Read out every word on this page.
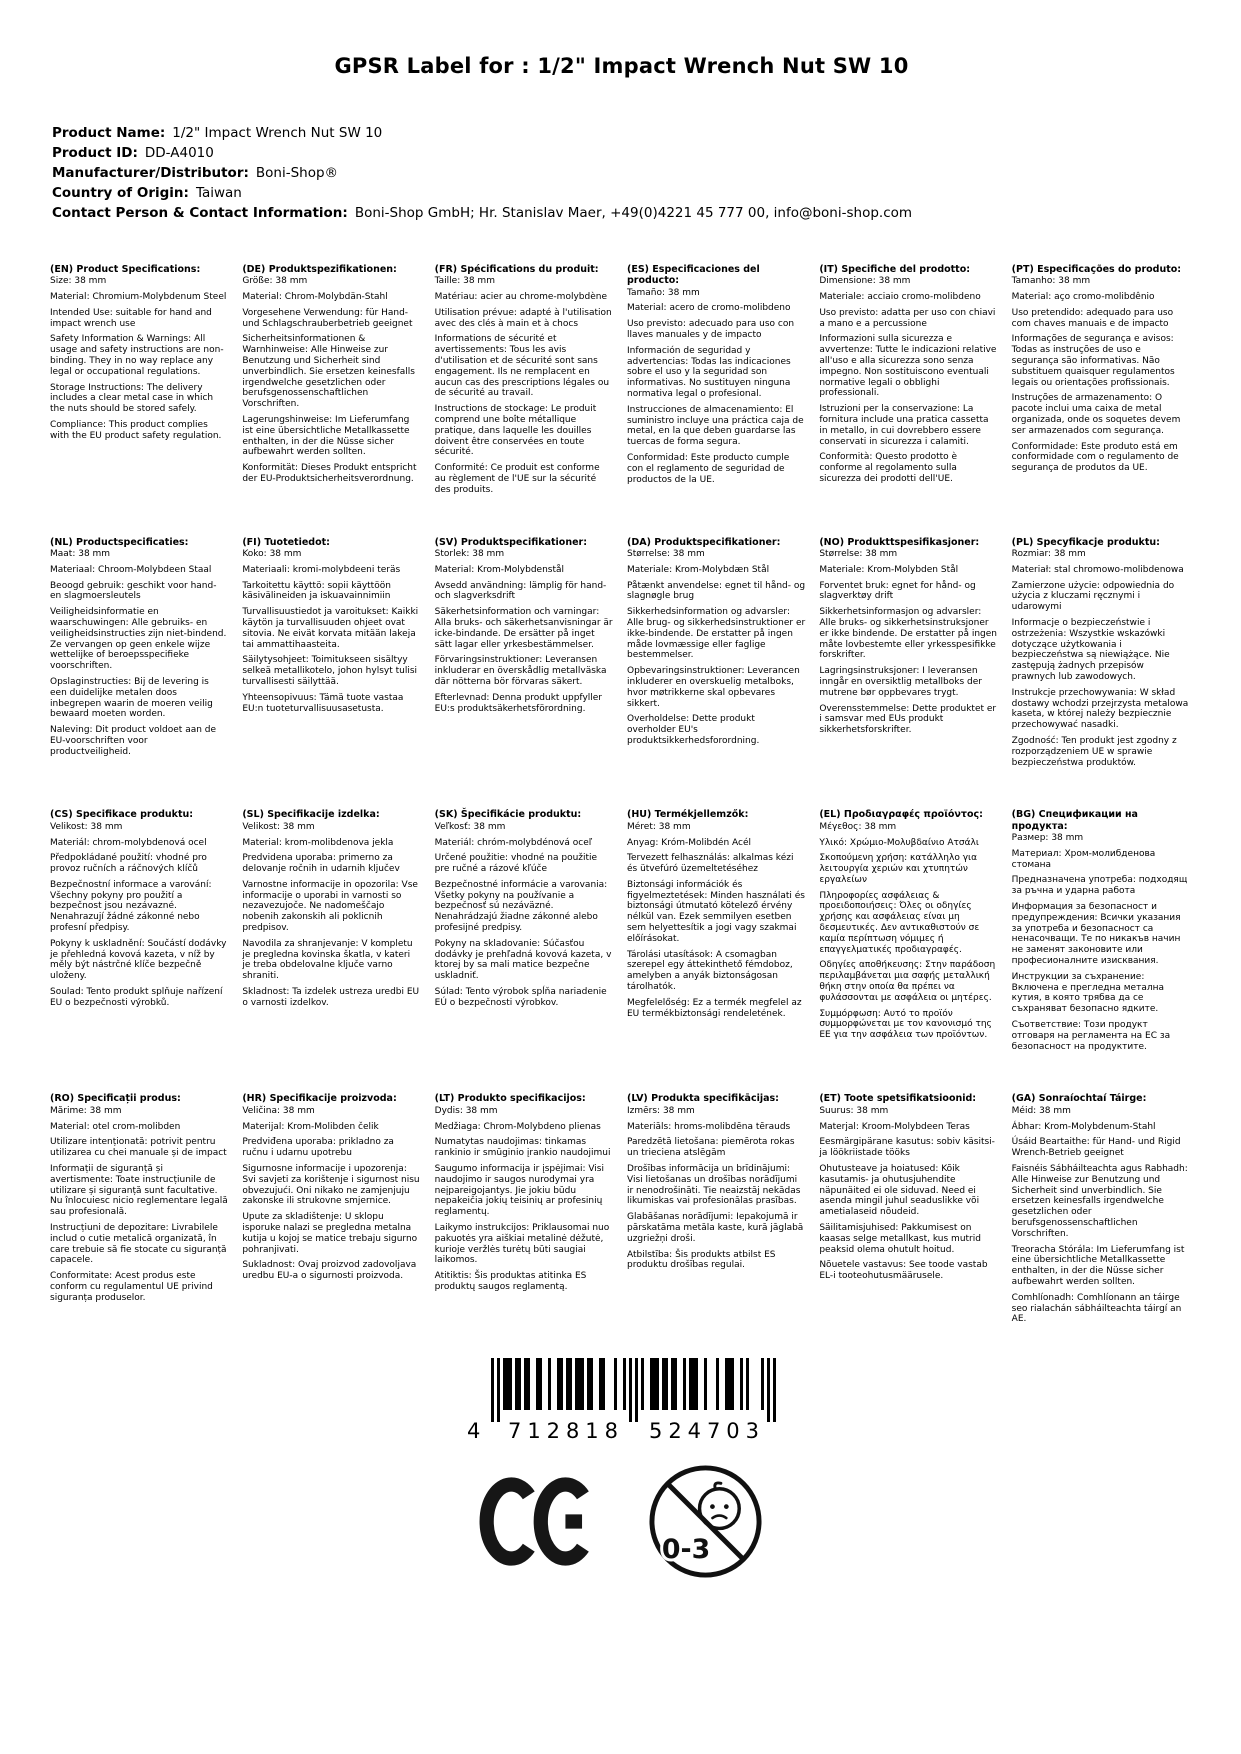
GPSR Label for : 1/2" Impact Wrench Nut SW 10
Product Name: 1/2" Impact Wrench Nut SW 10
Product ID: DD-A4010
Manufacturer/Distributor: Boni-Shop®
Country of Origin: Taiwan
Contact Person & Contact Information: Boni-Shop GmbH; Hr. Stanislav Maer, +49(0)4221 45 777 00, info@boni-shop.com
(EN) Product Specifications:

Size: 38 mm

Material: Chromium-Molybdenum Steel

Intended Use: suitable for hand and impact wrench use

Safety Information & Warnings: All usage and safety instructions are non-binding. They in no way replace any legal or occupational regulations.

Storage Instructions: The delivery includes a clear metal case in which the nuts should be stored safely.

Compliance: This product complies with the EU product safety regulation.

(DE) Produktspezifikationen:

Größe: 38 mm

Material: Chrom-Molybdän-Stahl

Vorgesehene Verwendung: für Hand- und Schlagschrauberbetrieb geeignet

Sicherheitsinformationen & Warnhinweise: Alle Hinweise zur Benutzung und Sicherheit sind unverbindlich. Sie ersetzen keinesfalls irgendwelche gesetzlichen oder berufsgenossenschaftlichen Vorschriften.

Lagerungshinweise: Im Lieferumfang ist eine übersichtliche Metallkassette enthalten, in der die Nüsse sicher aufbewahrt werden sollten.

Konformität: Dieses Produkt entspricht der EU-Produktsicherheitsverordnung.

(FR) Spécifications du produit:

Taille: 38 mm

Matériau: acier au chrome-molybdène

Utilisation prévue: adapté à l'utilisation avec des clés à main et à chocs

Informations de sécurité et avertissements: Tous les avis d'utilisation et de sécurité sont sans engagement. Ils ne remplacent en aucun cas des prescriptions légales ou de sécurité au travail.

Instructions de stockage: Le produit comprend une boîte métallique pratique, dans laquelle les douilles doivent être conservées en toute sécurité.

Conformité: Ce produit est conforme au règlement de l'UE sur la sécurité des produits.

(ES) Especificaciones del producto:

Tamaño: 38 mm

Material: acero de cromo-molibdeno

Uso previsto: adecuado para uso con llaves manuales y de impacto

Información de seguridad y advertencias: Todas las indicaciones sobre el uso y la seguridad son informativas. No sustituyen ninguna normativa legal o profesional.

Instrucciones de almacenamiento: El suministro incluye una práctica caja de metal, en la que deben guardarse las tuercas de forma segura.

Conformidad: Este producto cumple con el reglamento de seguridad de productos de la UE.

(IT) Specifiche del prodotto:

Dimensione: 38 mm

Materiale: acciaio cromo-molibdeno

Uso previsto: adatta per uso con chiavi a mano e a percussione

Informazioni sulla sicurezza e avvertenze: Tutte le indicazioni relative all'uso e alla sicurezza sono senza impegno. Non sostituiscono eventuali normative legali o obblighi professionali.

Istruzioni per la conservazione: La fornitura include una pratica cassetta in metallo, in cui dovrebbero essere conservati in sicurezza i calamiti.

Conformità: Questo prodotto è conforme al regolamento sulla sicurezza dei prodotti dell'UE.

(PT) Especificações do produto:

Tamanho: 38 mm

Material: aço cromo-molibdênio

Uso pretendido: adequado para uso com chaves manuais e de impacto

Informações de segurança e avisos: Todas as instruções de uso e segurança são informativas. Não substituem quaisquer regulamentos legais ou orientações profissionais.

Instruções de armazenamento: O pacote inclui uma caixa de metal organizada, onde os soquetes devem ser armazenados com segurança.

Conformidade: Este produto está em conformidade com o regulamento de segurança de produtos da UE.

(NL) Productspecificaties:

Maat: 38 mm

Materiaal: Chroom-Molybdeen Staal

Beoogd gebruik: geschikt voor hand- en slagmoersleutels

Veiligheidsinformatie en waarschuwingen: Alle gebruiks- en veiligheidsinstructies zijn niet-bindend. Ze vervangen op geen enkele wijze wettelijke of beroepsspecifieke voorschriften.

Opslaginstructies: Bij de levering is een duidelijke metalen doos inbegrepen waarin de moeren veilig bewaard moeten worden.

Naleving: Dit product voldoet aan de EU-voorschriften voor productveiligheid.

(FI) Tuotetiedot:

Koko: 38 mm

Materiaali: kromi-molybdeeni teräs

Tarkoitettu käyttö: sopii käyttöön käsivälineiden ja iskuavainnimiin

Turvallisuustiedot ja varoitukset: Kaikki käytön ja turvallisuuden ohjeet ovat sitovia. Ne eivät korvata mitään lakeja tai ammattihaasteita.

Säilytysohjeet: Toimitukseen sisältyy selkeä metallikotelo, johon hylsyt tulisi turvallisesti säilyttää.

Yhteensopivuus: Tämä tuote vastaa EU:n tuoteturvallisuusasetusta.

(SV) Produktspecifikationer:

Storlek: 38 mm

Material: Krom-Molybdenstål

Avsedd användning: lämplig för hand- och slagverksdrift

Säkerhetsinformation och varningar: Alla bruks- och säkerhetsanvisningar är icke-bindande. De ersätter på inget sätt lagar eller yrkesbestämmelser.

Förvaringsinstruktioner: Leveransen inkluderar en överskådlig metallväska där nötterna bör förvaras säkert.

Efterlevnad: Denna produkt uppfyller EU:s produktsäkerhetsförordning.

(DA) Produktspecifikationer:

Størrelse: 38 mm

Materiale: Krom-Molybdæn Stål

Påtænkt anvendelse: egnet til hånd- og slagnøgle brug

Sikkerhedsinformation og advarsler: Alle brug- og sikkerhedsinstruktioner er ikke-bindende. De erstatter på ingen måde lovmæssige eller faglige bestemmelser.

Opbevaringsinstruktioner: Leverancen inkluderer en overskuelig metalboks, hvor møtrikkerne skal opbevares sikkert.

Overholdelse: Dette produkt overholder EU's produktsikkerhedsforordning.

(NO) Produkttspesifikasjoner:

Størrelse: 38 mm

Materiale: Krom-Molybden Stål

Forventet bruk: egnet for hånd- og slagverktøy drift

Sikkerhetsinformasjon og advarsler: Alle bruks- og sikkerhetsinstruksjoner er ikke bindende. De erstatter på ingen måte lovbestemte eller yrkesspesifikke forskrifter.

Lagringsinstruksjoner: I leveransen inngår en oversiktlig metallboks der mutrene bør oppbevares trygt.

Overensstemmelse: Dette produktet er i samsvar med EUs produkt sikkerhetsforskrifter.

(PL) Specyfikacje produktu:

Rozmiar: 38 mm

Materiał: stal chromowo-molibdenowa

Zamierzone użycie: odpowiednia do użycia z kluczami ręcznymi i udarowymi

Informacje o bezpieczeństwie i ostrzeżenia: Wszystkie wskazówki dotyczące użytkowania i bezpieczeństwa są niewiążące. Nie zastępują żadnych przepisów prawnych lub zawodowych.

Instrukcje przechowywania: W skład dostawy wchodzi przejrzysta metalowa kaseta, w której należy bezpiecznie przechowywać nasadki.

Zgodność: Ten produkt jest zgodny z rozporządzeniem UE w sprawie bezpieczeństwa produktów.

(CS) Specifikace produktu:

Velikost: 38 mm

Materiál: chrom-molybdenová ocel

Předpokládané použití: vhodné pro provoz ručních a ráčnových klíčů

Bezpečnostní informace a varování: Všechny pokyny pro použití a bezpečnost jsou nezávazné. Nenahrazují žádné zákonné nebo profesní předpisy.

Pokyny k uskladnění: Součástí dodávky je přehledná kovová kazeta, v níž by měly být nástrčné klíče bezpečně uloženy.

Soulad: Tento produkt splňuje nařízení EU o bezpečnosti výrobků.

(SL) Specifikacije izdelka:

Velikost: 38 mm

Material: krom-molibdenova jekla

Predvidena uporaba: primerno za delovanje ročnih in udarnih ključev

Varnostne informacije in opozorila: Vse informacije o uporabi in varnosti so nezavezujoče. Ne nadomeščajo nobenih zakonskih ali poklicnih predpisov.

Navodila za shranjevanje: V kompletu je pregledna kovinska škatla, v kateri je treba obdelovalne ključe varno shraniti.

Skladnost: Ta izdelek ustreza uredbi EU o varnosti izdelkov.

(SK) Špecifikácie produktu:

Veľkosť: 38 mm

Materiál: chróm-molybdénová oceľ

Určené použitie: vhodné na použitie pre ručné a rázové kľúče

Bezpečnostné informácie a varovania: Všetky pokyny na používanie a bezpečnosť sú nezáväzné. Nenahrádzajú žiadne zákonné alebo profesijné predpisy.

Pokyny na skladovanie: Súčasťou dodávky je prehľadná kovová kazeta, v ktorej by sa mali matice bezpečne uskladniť.

Súlad: Tento výrobok spĺňa nariadenie EÚ o bezpečnosti výrobkov.

(HU) Termékjellemzők:

Méret: 38 mm

Anyag: Króm-Molibdén Acél

Tervezett felhasználás: alkalmas kézi és ütvefúró üzemeltetéséhez

Biztonsági információk és figyelmeztetések: Minden használati és biztonsági útmutató kötelező érvény nélkül van. Ezek semmilyen esetben sem helyettesítik a jogi vagy szakmai előírásokat.

Tárolási utasítások: A csomagban szerepel egy áttekinthető fémdoboz, amelyben a anyák biztonságosan tárolhatók.

Megfelelőség: Ez a termék megfelel az EU termékbiztonsági rendeletének.

(EL) Προδιαγραφές προϊόντος:

Μέγεθος: 38 mm

Υλικό: Χρώμιο-Μολυβδαίνιο Ατσάλι

Σκοπούμενη χρήση: κατάλληλο για λειτουργία χεριών και χτυπητών εργαλείων

Πληροφορίες ασφάλειας & προειδοποιήσεις: Όλες οι οδηγίες χρήσης και ασφάλειας είναι μη δεσμευτικές. Δεν αντικαθιστούν σε καμία περίπτωση νόμιμες ή επαγγελματικές προδιαγραφές.

Οδηγίες αποθήκευσης: Στην παράδοση περιλαμβάνεται μια σαφής μεταλλική θήκη στην οποία θα πρέπει να φυλάσσονται με ασφάλεια οι μητέρες.

Συμμόρφωση: Αυτό το προϊόν συμμορφώνεται με τον κανονισμό της ΕΕ για την ασφάλεια των προϊόντων.

(BG) Спецификации на продукта:

Размер: 38 mm

Материал: Хром-молибденова стомана

Предназначена употреба: подходящ за ръчна и ударна работа

Информация за безопасност и предупреждения: Всички указания за употреба и безопасност са ненасочващи. Те по никакъв начин не заменят законовите или професионалните изисквания.

Инструкции за съхранение: Включена е прегледна метална кутия, в която трябва да се съхраняват безопасно ядките.

Съответствие: Този продукт отговаря на регламента на ЕС за безопасност на продуктите.

(RO) Specificații produs:

Mărime: 38 mm

Material: otel crom-molibden

Utilizare intenționată: potrivit pentru utilizarea cu chei manuale și de impact

Informații de siguranță și avertismente: Toate instrucțiunile de utilizare și siguranță sunt facultative. Nu înlocuiesc nicio reglementare legală sau profesională.

Instrucțiuni de depozitare: Livrabilele includ o cutie metalică organizată, în care trebuie să fie stocate cu siguranță capacele.

Conformitate: Acest produs este conform cu regulamentul UE privind siguranța produselor.

(HR) Specifikacije proizvoda:

Veličina: 38 mm

Materijal: Krom-Molibden čelik

Predviđena uporaba: prikladno za ručnu i udarnu upotrebu

Sigurnosne informacije i upozorenja: Svi savjeti za korištenje i sigurnost nisu obvezujući. Oni nikako ne zamjenjuju zakonske ili strukovne smjernice.

Upute za skladištenje: U sklopu isporuke nalazi se pregledna metalna kutija u kojoj se matice trebaju sigurno pohranjivati.

Sukladnost: Ovaj proizvod zadovoljava uredbu EU-a o sigurnosti proizvoda.

(LT) Produkto specifikacijos:

Dydis: 38 mm

Medžiaga: Chrom-Molybdeno plienas

Numatytas naudojimas: tinkamas rankinio ir smūginio įrankio naudojimui

Saugumo informacija ir įspėjimai: Visi naudojimo ir saugos nurodymai yra neįpareigojantys. Jie jokiu būdu nepakeičia jokių teisinių ar profesinių reglamentų.

Laikymo instrukcijos: Priklausomai nuo pakuotės yra aiškiai metalinė dėžutė, kurioje veržlės turėtų būti saugiai laikomos.

Atitiktis: Šis produktas atitinka ES produktų saugos reglamentą.

(LV) Produkta specifikācijas:

Izmērs: 38 mm

Materiāls: hroms-molibdēna tērauds

Paredzētā lietošana: piemērota rokas un trieciena atslēgām

Drošības informācija un brīdinājumi: Visi lietošanas un drošības norādījumi ir nenodrošināti. Tie neaizstāj nekādas likumiskas vai profesionālas prasības.

Glabāšanas norādījumi: Iepakojumā ir pārskatāma metāla kaste, kurā jāglabā uzgriežņi droši.

Atbilstība: Šis produkts atbilst ES produktu drošības regulai.

(ET) Toote spetsifikatsioonid:

Suurus: 38 mm

Materjal: Kroom-Molybdeen Teras

Eesmärgipärane kasutus: sobiv käsitsi- ja löökriistade tööks

Ohutusteave ja hoiatused: Kõik kasutamis- ja ohutusjuhendite näpunäited ei ole siduvad. Need ei asenda mingil juhul seaduslikke või ametialaseid nõudeid.

Säilitamisjuhised: Pakkumisest on kaasas selge metallkast, kus mutrid peaksid olema ohutult hoitud.

Nõuetele vastavus: See toode vastab EL-i tooteohutusmäärusele.

(GA) Sonraíochtaí Táirge:

Méid: 38 mm

Ábhar: Krom-Molybdenum-Stahl

Úsáid Beartaithe: für Hand- und Rigid Wrench-Betrieb geeignet

Faisnéis Sábháilteachta agus Rabhadh: Alle Hinweise zur Benutzung und Sicherheit sind unverbindlich. Sie ersetzen keinesfalls irgendwelche gesetzlichen oder berufsgenossenschaftlichen Vorschriften.

Treoracha Stórála: Im Lieferumfang ist eine übersichtliche Metallkassette enthalten, in der die Nüsse sicher aufbewahrt werden sollten.

Comhlíonadh: Comhlíonann an táirge seo rialachán sábháilteachta táirgí an AE.

4 712818 524703
0-3
